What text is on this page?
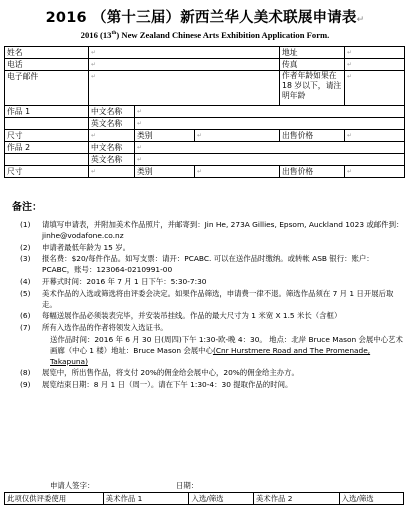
2016 （第十三届）新西兰华人美术联展申请表↵
2016 (13th) New Zealand Chinese Arts Exhibition Application Form.
姓名	↵			地址	↵
电话	↵			传真	↵
电子邮件	↵			作者年龄如果在 18 岁以下，请注明年龄	↵
作品 1	中文名称	↵			
	英文名称	↵			
尺寸	↵	类别	↵	出售价格	↵
作品 2	中文名称	↵			
	英文名称	↵			
尺寸	↵	类别	↵	出售价格	↵
备注：
(1)	请填写申请表，并附加美术作品照片，并邮寄到：Jin He, 273A Gillies, Epsom, Auckland 1023 或邮件到：jinhe@vodafone.co.nz
(2)	申请者最低年龄为 15 岁。
(3)	报名费：$20/每件作品。如写支票：请开：PCABC. 可以在送作品时缴纳。或转帐 ASB 银行：账户：PCABC，账号：123064-0210991-00
(4)	开幕式时间：2016 年 7 月 1 日下午：5:30-7:30
(5)	美术作品的入选或筛选将由评委会决定。如果作品筛选，申请费一律不退。筛选作品须在 7 月 1 日开展后取走。
(6)	每幅送展作品必须装表完毕，并安装吊挂线。作品的最大尺寸为 1 米宽 X 1.5 米长（含框）
(7)	所有入选作品的作者将领发入选证书。
送作品时间：2016 年 6 月 30 日(周四)下午 1:30-欧-晚 4：30。 地点：北岸 Bruce Mason 会展中心艺术画廊（中心 1 楼）地址：Bruce Mason 会展中心(Cnr Hurstmere Road and The Promenade, Takapuna)
(8)	展览中，所出售作品，将支付 20%的佣金给会展中心，20%的佣金给主办方。
(9)	展览结束日期：8 月 1 日（周一）。请在下午 1:30-4：30 提取作品的时间。
申请人签字：	日期：
此项仅供评委使用	美术作品 1	入选/筛选	美术作品 2	入选/筛选
